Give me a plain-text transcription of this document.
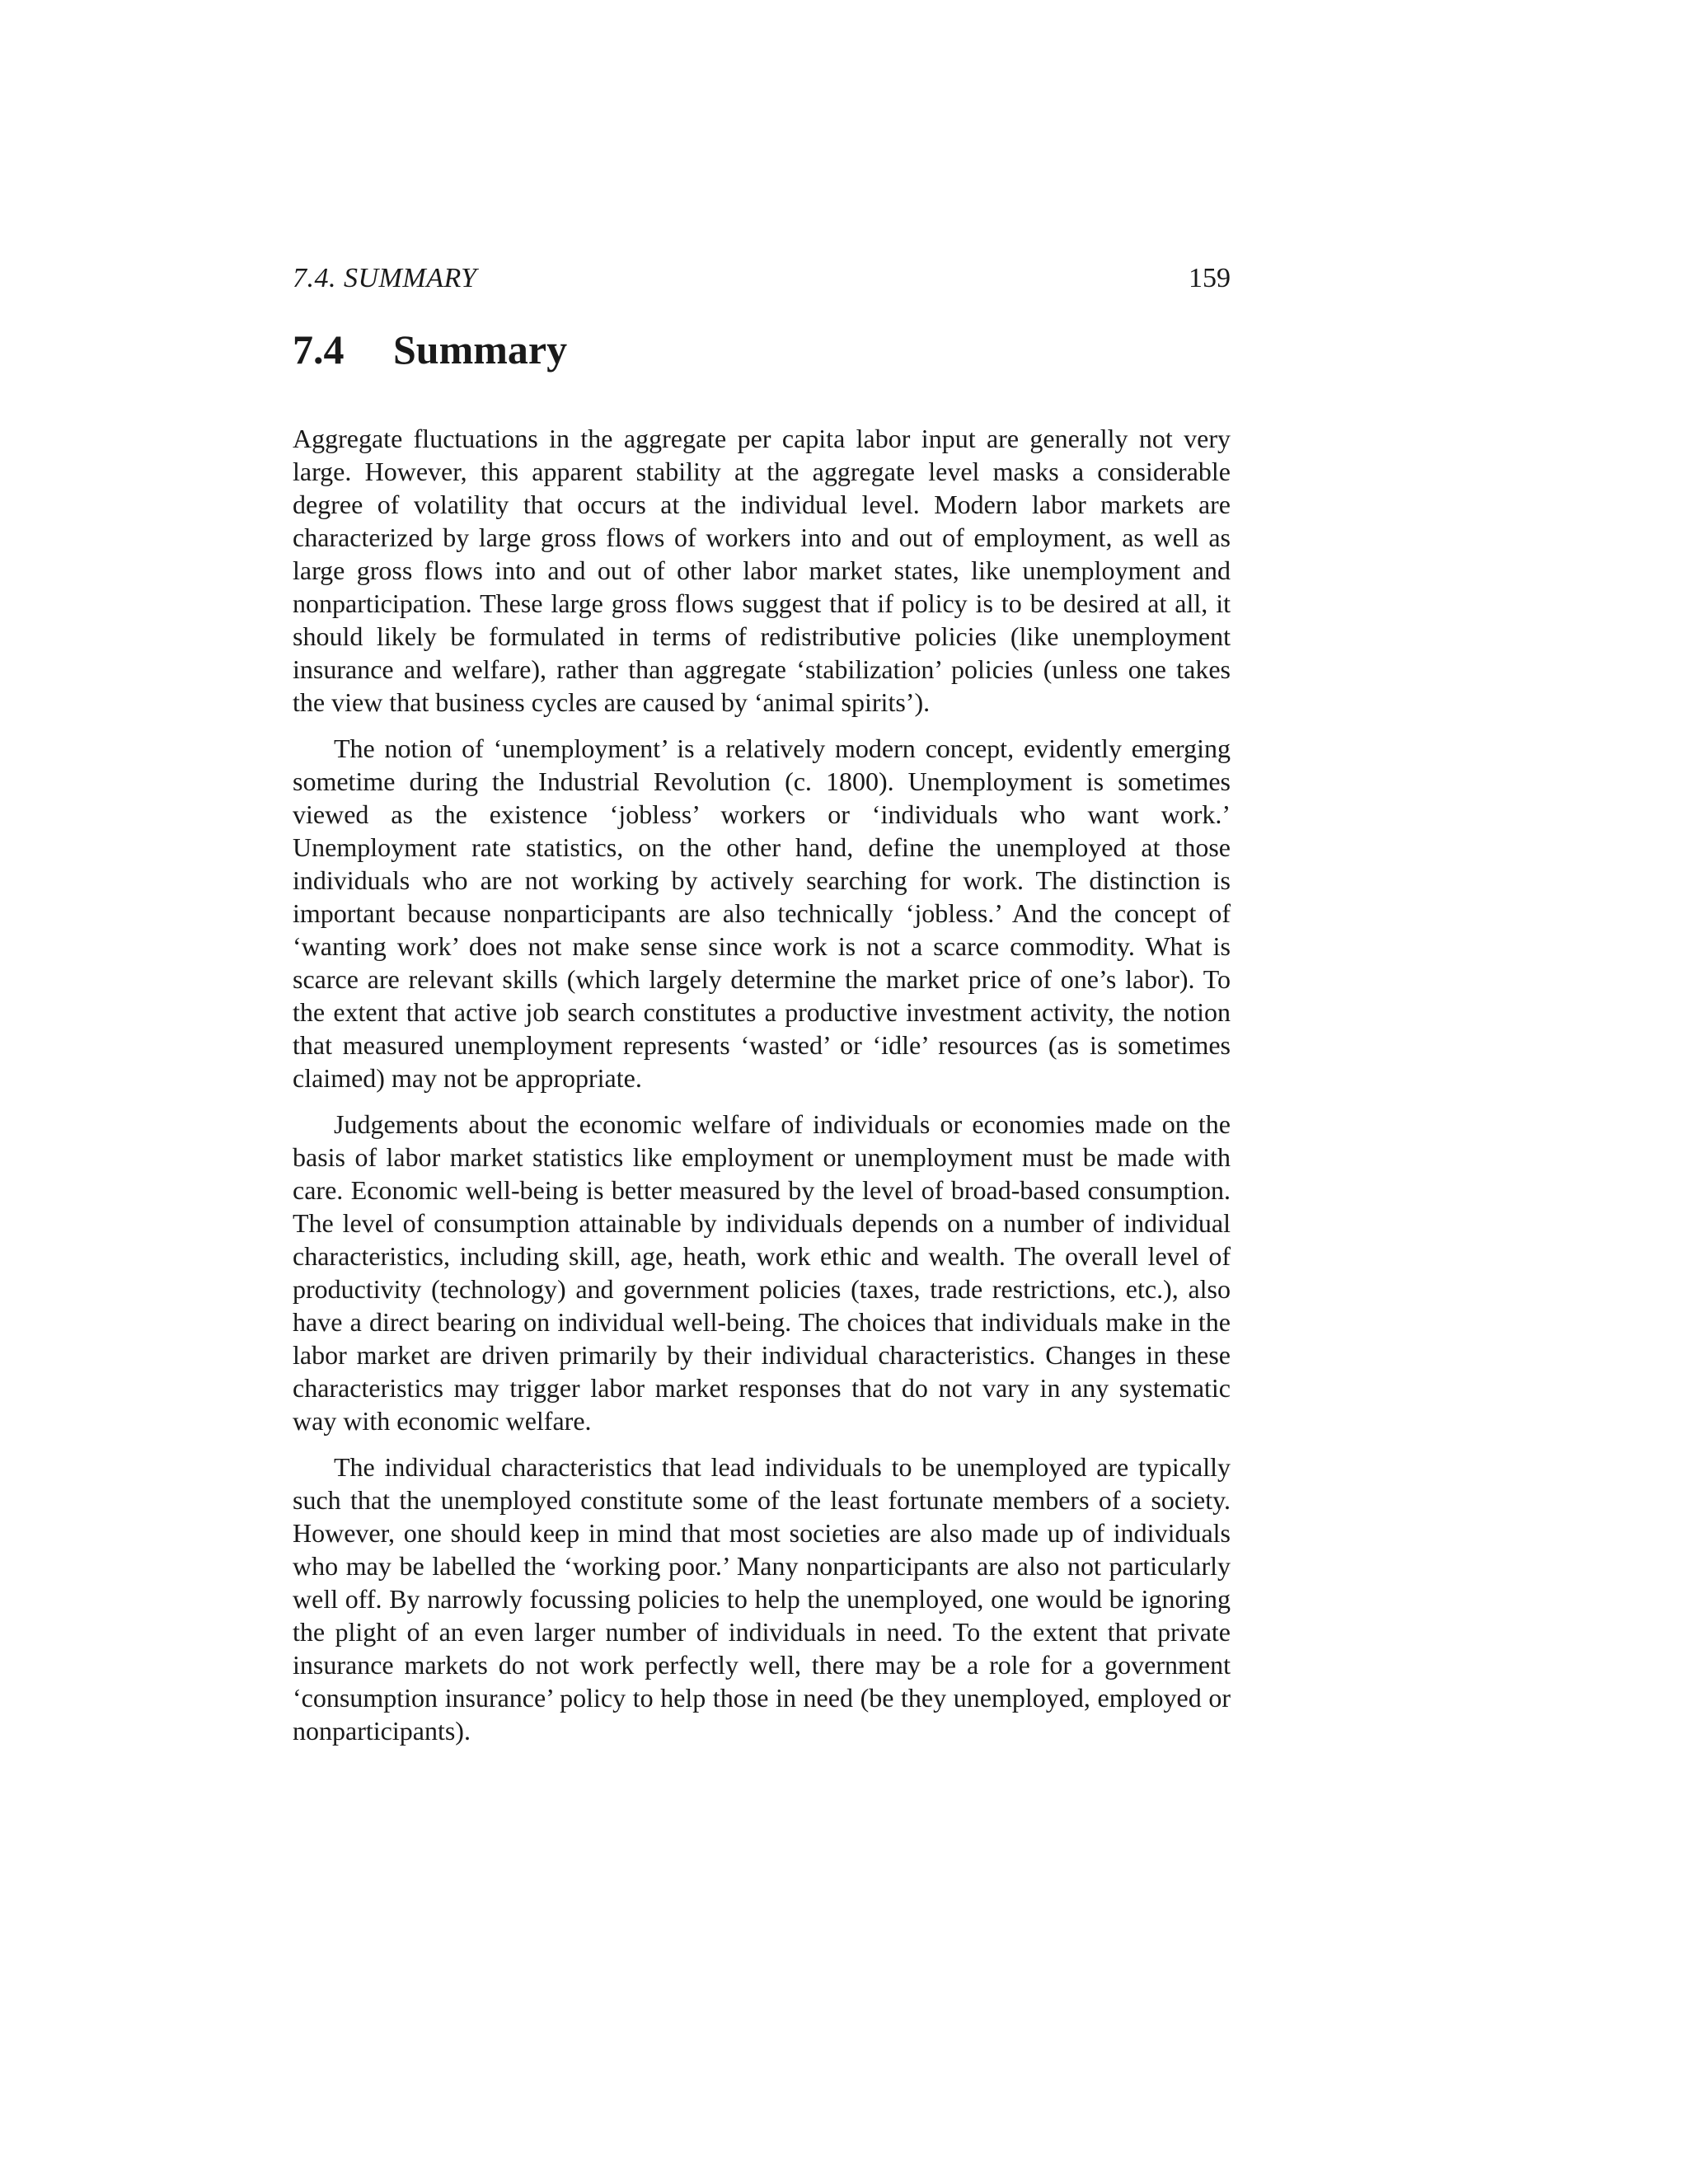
7.4. SUMMARY	159
7.4	Summary

Aggregate fluctuations in the aggregate per capita labor input are generally not very large. However, this apparent stability at the aggregate level masks a considerable degree of volatility that occurs at the individual level. Modern labor markets are characterized by large gross flows of workers into and out of employment, as well as large gross flows into and out of other labor market states, like unemployment and nonparticipation. These large gross flows suggest that if policy is to be desired at all, it should likely be formulated in terms of redistributive policies (like unemployment insurance and welfare), rather than aggregate ‘stabilization’ policies (unless one takes the view that business cycles are caused by ‘animal spirits’).

The notion of ‘unemployment’ is a relatively modern concept, evidently emerging sometime during the Industrial Revolution (c. 1800). Unemployment is sometimes viewed as the existence ‘jobless’ workers or ‘individuals who want work.’ Unemployment rate statistics, on the other hand, define the unemployed at those individuals who are not working by actively searching for work. The distinction is important because nonparticipants are also technically ‘jobless.’ And the concept of ‘wanting work’ does not make sense since work is not a scarce commodity. What is scarce are relevant skills (which largely determine the market price of one’s labor). To the extent that active job search constitutes a productive investment activity, the notion that measured unemployment represents ‘wasted’ or ‘idle’ resources (as is sometimes claimed) may not be appropriate.

Judgements about the economic welfare of individuals or economies made on the basis of labor market statistics like employment or unemployment must be made with care. Economic well-being is better measured by the level of broad-based consumption. The level of consumption attainable by individuals depends on a number of individual characteristics, including skill, age, heath, work ethic and wealth. The overall level of productivity (technology) and government policies (taxes, trade restrictions, etc.), also have a direct bearing on individual well-being. The choices that individuals make in the labor market are driven primarily by their individual characteristics. Changes in these characteristics may trigger labor market responses that do not vary in any systematic way with economic welfare.

The individual characteristics that lead individuals to be unemployed are typically such that the unemployed constitute some of the least fortunate members of a society. However, one should keep in mind that most societies are also made up of individuals who may be labelled the ‘working poor.’ Many nonparticipants are also not particularly well off. By narrowly focussing policies to help the unemployed, one would be ignoring the plight of an even larger number of individuals in need. To the extent that private insurance markets do not work perfectly well, there may be a role for a government ‘consumption insurance’ policy to help those in need (be they unemployed, employed or nonparticipants).
